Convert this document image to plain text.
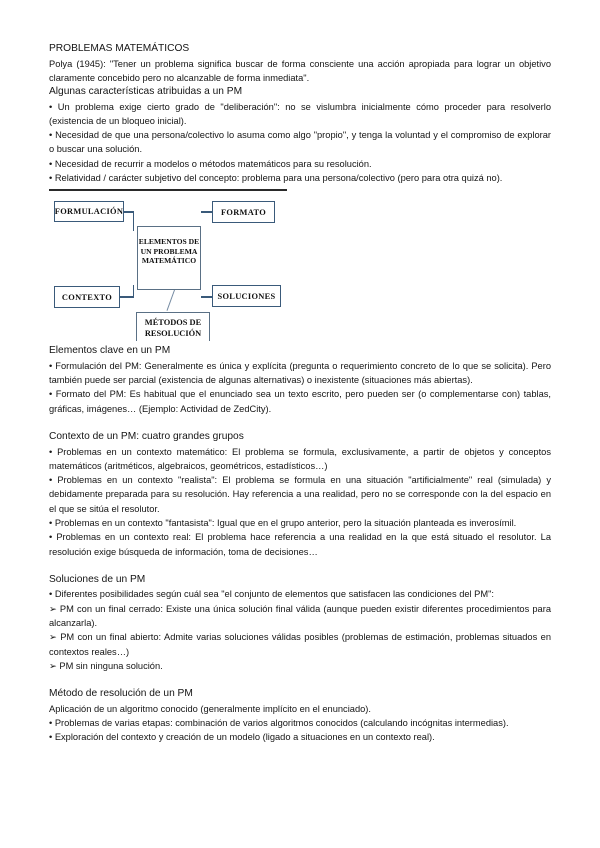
PROBLEMAS MATEMÁTICOS

Polya (1945): "Tener un problema significa buscar de forma consciente una acción apropiada para lograr un objetivo claramente concebido pero no alcanzable de forma inmediata".

Algunas características atribuidas a un PM

• Un problema exige cierto grado de "deliberación": no se vislumbra inicialmente cómo proceder para resolverlo (existencia de un bloqueo inicial).

• Necesidad de que una persona/colectivo lo asuma como algo "propio", y tenga la voluntad y el compromiso de explorar o buscar una solución.

• Necesidad de recurrir a modelos o métodos matemáticos para su resolución.

• Relatividad / carácter subjetivo del concepto: problema para una persona/colectivo (pero para otra quizá no).

FORMULACIÓN	FORMATO
ELEMENTOS DE UN PROBLEMA MATEMÁTICO
CONTEXTO	SOLUCIONES
MÉTODOS DE RESOLUCIÓN

Elementos clave en un PM

• Formulación del PM: Generalmente es única y explícita (pregunta o requerimiento concreto de lo que se solicita). Pero también puede ser parcial (existencia de algunas alternativas) o inexistente (situaciones más abiertas).

• Formato del PM: Es habitual que el enunciado sea un texto escrito, pero pueden ser (o complementarse con) tablas, gráficas, imágenes… (Ejemplo: Actividad de ZedCity).

Contexto de un PM: cuatro grandes grupos

• Problemas en un contexto matemático: El problema se formula, exclusivamente, a partir de objetos y conceptos matemáticos (aritméticos, algebraicos, geométricos, estadísticos…)

• Problemas en un contexto "realista": El problema se formula en una situación "artificialmente" real (simulada) y debidamente preparada para su resolución. Hay referencia a una realidad, pero no se corresponde con la del espacio en el que se sitúa el resolutor.

• Problemas en un contexto "fantasista": Igual que en el grupo anterior, pero la situación planteada es inverosímil.

• Problemas en un contexto real: El problema hace referencia a una realidad en la que está situado el resolutor. La resolución exige búsqueda de información, toma de decisiones…

Soluciones de un PM

• Diferentes posibilidades según cuál sea "el conjunto de elementos que satisfacen las condiciones del PM":

➢ PM con un final cerrado: Existe una única solución final válida (aunque pueden existir diferentes procedimientos para alcanzarla).

➢ PM con un final abierto: Admite varias soluciones válidas posibles (problemas de estimación, problemas situados en contextos reales…)

➢ PM sin ninguna solución.

Método de resolución de un PM

Aplicación de un algoritmo conocido (generalmente implícito en el enunciado).

• Problemas de varias etapas: combinación de varios algoritmos conocidos (calculando incógnitas intermedias).

• Exploración del contexto y creación de un modelo (ligado a situaciones en un contexto real).
